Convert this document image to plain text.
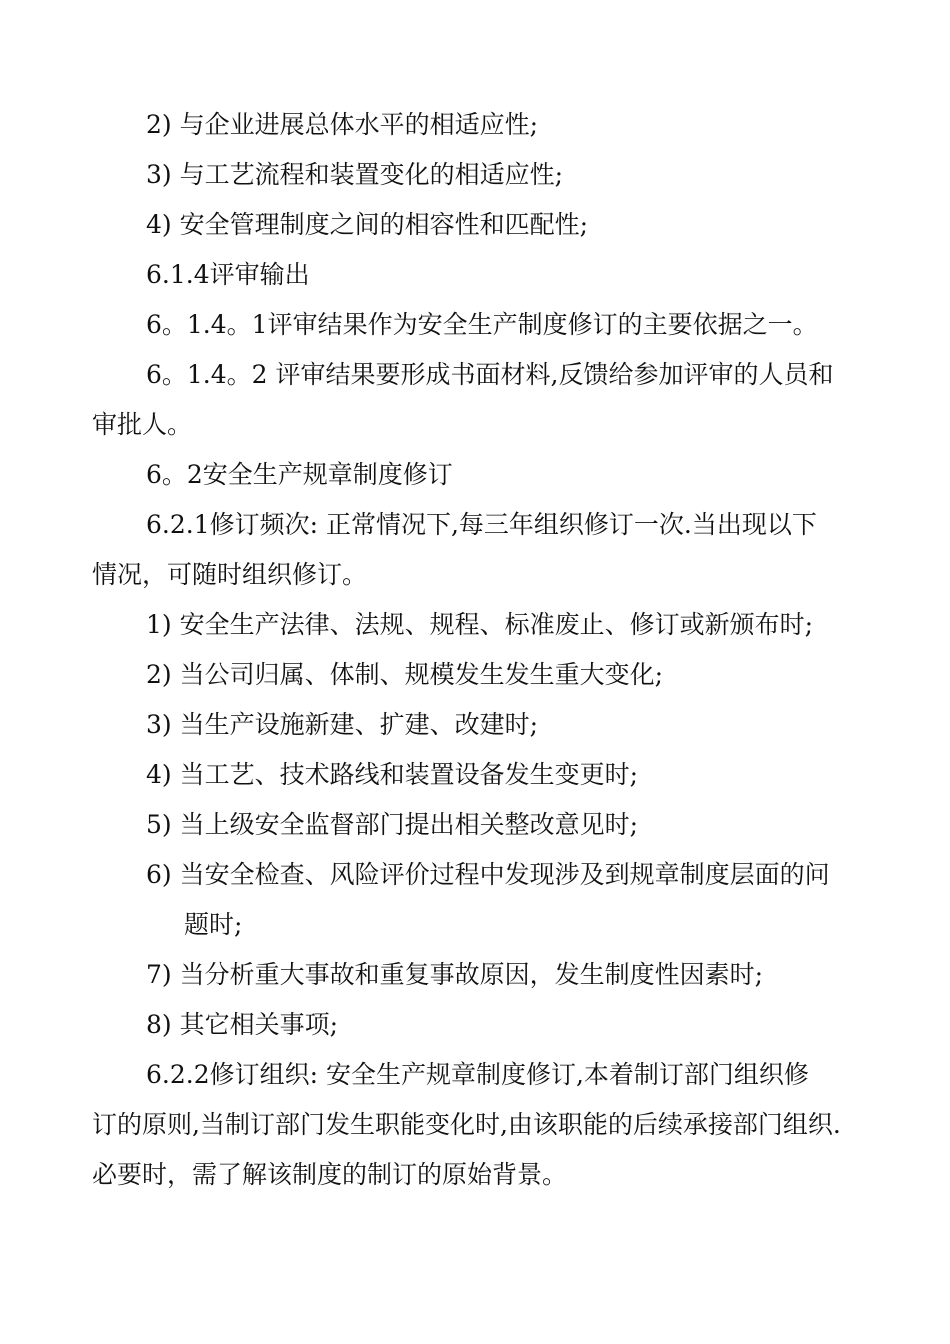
2) 与企业进展总体水平的相适应性;
3) 与工艺流程和装置变化的相适应性;
4) 安全管理制度之间的相容性和匹配性;
6.1.4评审输出
6。1.4。1评审结果作为安全生产制度修订的主要依据之一。
6。1.4。2 评审结果要形成书面材料,反馈给参加评审的人员和
审批人。
6。2安全生产规章制度修订
6.2.1修订频次: 正常情况下,每三年组织修订一次.当出现以下
情况，可随时组织修订。
1) 安全生产法律、法规、规程、标准废止、修订或新颁布时;
2) 当公司归属、体制、规模发生发生重大变化;
3) 当生产设施新建、扩建、改建时;
4) 当工艺、技术路线和装置设备发生变更时;
5) 当上级安全监督部门提出相关整改意见时;
6) 当安全检查、风险评价过程中发现涉及到规章制度层面的问
题时;
7) 当分析重大事故和重复事故原因，发生制度性因素时;
8) 其它相关事项;
6.2.2修订组织: 安全生产规章制度修订,本着制订部门组织修
订的原则,当制订部门发生职能变化时,由该职能的后续承接部门组织.
必要时，需了解该制度的制订的原始背景。
